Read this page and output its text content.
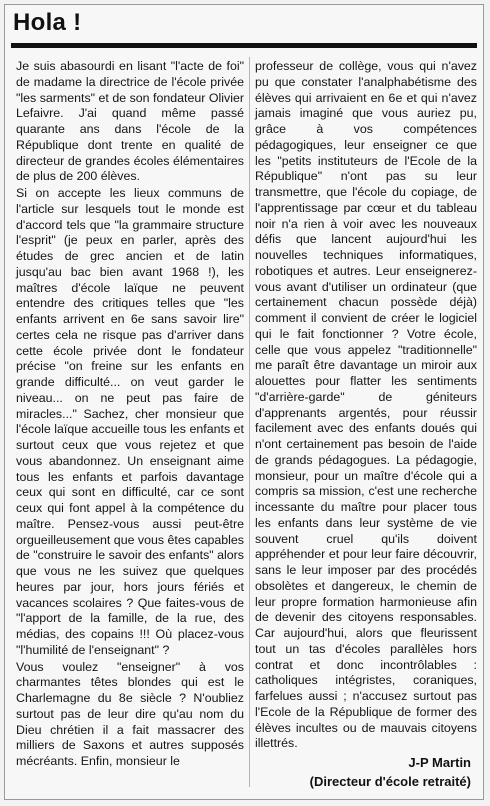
Hola !

Je suis abasourdi en lisant "l'acte de foi" de madame la directrice de l'école privée "les sarments" et de son fondateur Olivier Lefaivre. J'ai quand même passé quarante ans dans l'école de la République dont trente en qualité de directeur de grandes écoles élémentaires de plus de 200 élèves.

Si on accepte les lieux communs de l'article sur lesquels tout le monde est d'accord tels que "la grammaire structure l'esprit" (je peux en parler, après des études de grec ancien et de latin jusqu'au bac bien avant 1968 !), les maîtres d'école laïque ne peuvent entendre des critiques telles que "les enfants arrivent en 6e sans savoir lire" certes cela ne risque pas d'arriver dans cette école privée dont le fondateur précise "on freine sur les enfants en grande difficulté... on veut garder le niveau... on ne peut pas faire de miracles..." Sachez, cher monsieur que l'école laïque accueille tous les enfants et surtout ceux que vous rejetez et que vous abandonnez. Un enseignant aime tous les enfants et parfois davantage ceux qui sont en difficulté, car ce sont ceux qui font appel à la compétence du maître. Pensez-vous aussi peut-être orgueilleusement que vous êtes capables de "construire le savoir des enfants" alors que vous ne les suivez que quelques heures par jour, hors jours fériés et vacances scolaires ? Que faites-vous de "l'apport de la famille, de la rue, des médias, des copains !!! Où placez-vous "l'humilité de l'enseignant" ?

Vous voulez "enseigner" à vos charmantes têtes blondes qui est le Charlemagne du 8e siècle ? N'oubliez surtout pas de leur dire qu'au nom du Dieu chrétien il a fait massacrer des milliers de Saxons et autres supposés mécréants. Enfin, monsieur le

professeur de collège, vous qui n'avez pu que constater l'analphabétisme des élèves qui arrivaient en 6e et qui n'avez jamais imaginé que vous auriez pu, grâce à vos compétences pédagogiques, leur enseigner ce que les "petits instituteurs de l'Ecole de la République" n'ont pas su leur transmettre, que l'école du copiage, de l'apprentissage par cœur et du tableau noir n'a rien à voir avec les nouveaux défis que lancent aujourd'hui les nouvelles techniques informatiques, robotiques et autres. Leur enseignerez-vous avant d'utiliser un ordinateur (que certainement chacun possède déjà) comment il convient de créer le logiciel qui le fait fonctionner ? Votre école, celle que vous appelez "traditionnelle" me paraît être davantage un miroir aux alouettes pour flatter les sentiments "d'arrière-garde" de géniteurs d'apprenants argentés, pour réussir facilement avec des enfants doués qui n'ont certainement pas besoin de l'aide de grands pédagogues. La pédagogie, monsieur, pour un maître d'école qui a compris sa mission, c'est une recherche incessante du maître pour placer tous les enfants dans leur système de vie souvent cruel qu'ils doivent appréhender et pour leur faire découvrir, sans le leur imposer par des procédés obsolètes et dangereux, le chemin de leur propre formation harmonieuse afin de devenir des citoyens responsables. Car aujourd'hui, alors que fleurissent tout un tas d'écoles parallèles hors contrat et donc incontrôlables : catholiques intégristes, coraniques, farfelues aussi ; n'accusez surtout pas l'Ecole de la République de former des élèves incultes ou de mauvais citoyens illettrés.

J-P Martin
(Directeur d'école retraité)
